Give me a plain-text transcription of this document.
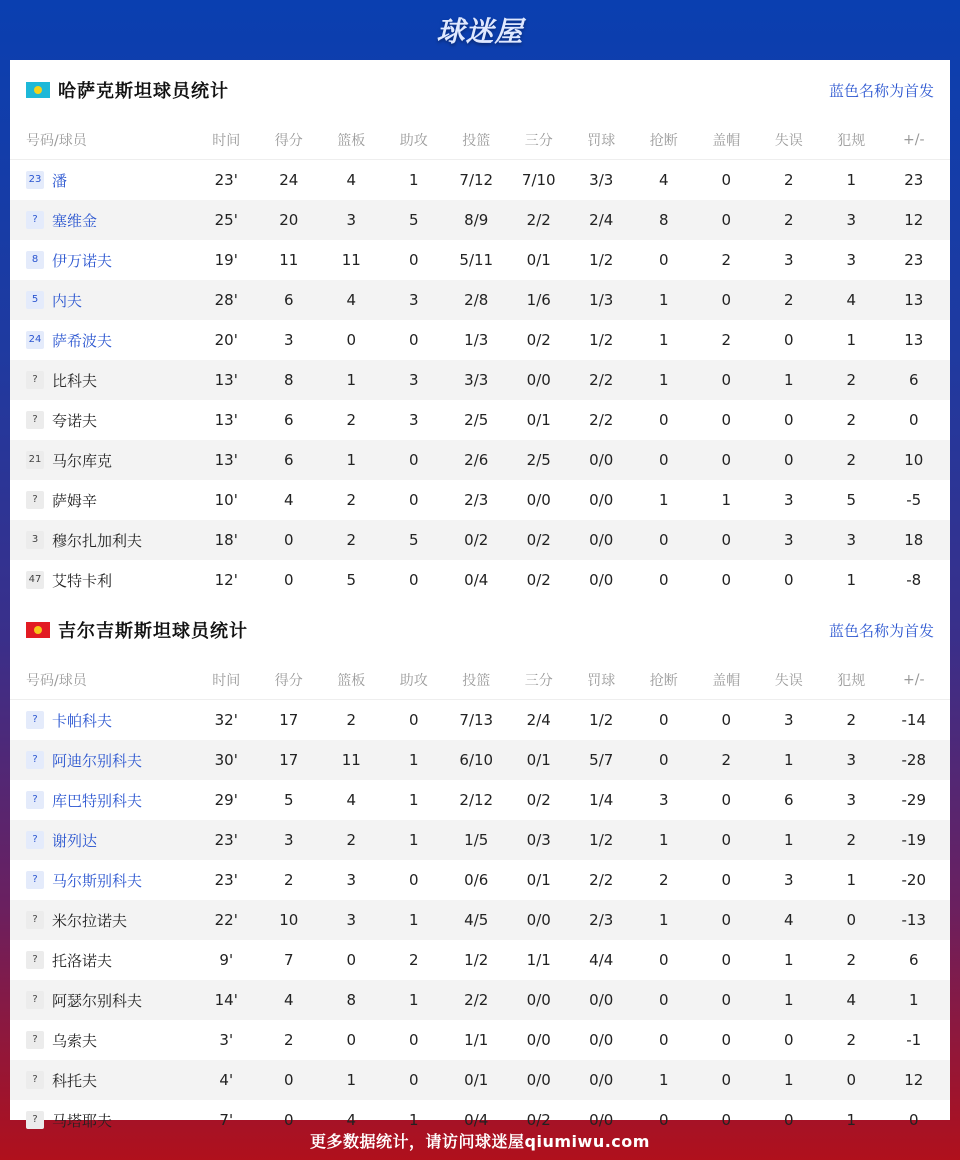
球迷屋
哈萨克斯坦球员统计	蓝色名称为首发
号码/球员	时间	得分	篮板	助攻	投篮	三分	罚球	抢断	盖帽	失误	犯规	+/-
23 潘	23'	24	4	1	7/12	7/10	3/3	4	0	2	1	23
? 塞维金	25'	20	3	5	8/9	2/2	2/4	8	0	2	3	12
8 伊万诺夫	19'	11	11	0	5/11	0/1	1/2	0	2	3	3	23
5 内夫	28'	6	4	3	2/8	1/6	1/3	1	0	2	4	13
24 萨希波夫	20'	3	0	0	1/3	0/2	1/2	1	2	0	1	13
? 比科夫	13'	8	1	3	3/3	0/0	2/2	1	0	1	2	6
? 夸诺夫	13'	6	2	3	2/5	0/1	2/2	0	0	0	2	0
21 马尔库克	13'	6	1	0	2/6	2/5	0/0	0	0	0	2	10
? 萨姆辛	10'	4	2	0	2/3	0/0	0/0	1	1	3	5	-5
3 穆尔扎加利夫	18'	0	2	5	0/2	0/2	0/0	0	0	3	3	18
47 艾特卡利	12'	0	5	0	0/4	0/2	0/0	0	0	0	1	-8
吉尔吉斯斯坦球员统计	蓝色名称为首发
号码/球员	时间	得分	篮板	助攻	投篮	三分	罚球	抢断	盖帽	失误	犯规	+/-
? 卡帕科夫	32'	17	2	0	7/13	2/4	1/2	0	0	3	2	-14
? 阿迪尔别科夫	30'	17	11	1	6/10	0/1	5/7	0	2	1	3	-28
? 库巴特别科夫	29'	5	4	1	2/12	0/2	1/4	3	0	6	3	-29
? 谢列达	23'	3	2	1	1/5	0/3	1/2	1	0	1	2	-19
? 马尔斯别科夫	23'	2	3	0	0/6	0/1	2/2	2	0	3	1	-20
? 米尔拉诺夫	22'	10	3	1	4/5	0/0	2/3	1	0	4	0	-13
? 托洛诺夫	9'	7	0	2	1/2	1/1	4/4	0	0	1	2	6
? 阿瑟尔别科夫	14'	4	8	1	2/2	0/0	0/0	0	0	1	4	1
? 乌索夫	3'	2	0	0	1/1	0/0	0/0	0	0	0	2	-1
? 科托夫	4'	0	1	0	0/1	0/0	0/0	1	0	1	0	12
? 马塔耶夫	7'	0	4	1	0/4	0/2	0/0	0	0	0	1	0
更多数据统计，请访问球迷屋qiumiwu.com
